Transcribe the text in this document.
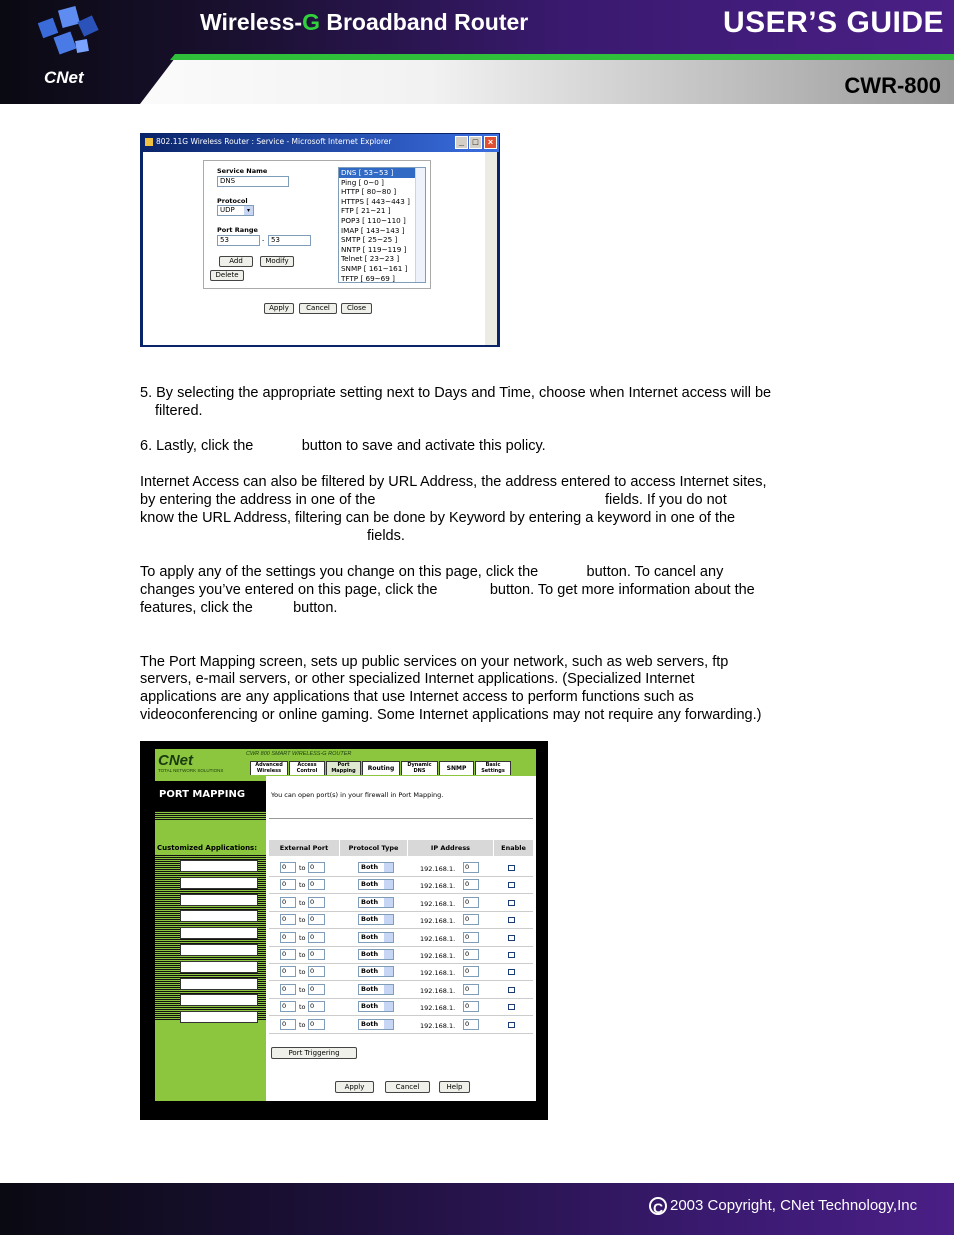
CNet
Wireless-G Broadband Router	USER’S GUIDE
CWR-800
802.11G Wireless Router : Service - Microsoft Internet Explorer	_ □	×
Service Name
DNS
Protocol
UDP	▾
Port Range
53	- 53
Add	Modify
Delete
DNS [ 53~53 ]
Ping [ 0~0 ]
HTTP [ 80~80 ]
HTTPS [ 443~443 ]
FTP [ 21~21 ]
POP3 [ 110~110 ]
IMAP [ 143~143 ]
SMTP [ 25~25 ]
NNTP [ 119~119 ]
Telnet [ 23~23 ]
SNMP [ 161~161 ]
TFTP [ 69~69 ]
Apply	Cancel	Close
5. By selecting the appropriate setting next to Days and Time, choose when Internet access will be
filtered.
6. Lastly, click the            button to save and activate this policy.
Internet Access can also be filtered by URL Address, the address entered to access Internet sites,
by entering the address in one of the                                                         fields. If you do not
know the URL Address, filtering can be done by Keyword by entering a keyword in one of the
fields.
To apply any of the settings you change on this page, click the            button. To cancel any
changes you’ve entered on this page, click the             button. To get more information about the
features, click the          button.
The Port Mapping screen, sets up public services on your network, such as web servers, ftp
servers, e-mail servers, or other specialized Internet applications. (Specialized Internet
applications are any applications that use Internet access to perform functions such as
videoconferencing or online gaming. Some Internet applications may not require any forwarding.)
CNet
TOTAL NETWORK SOLUTIONS
CWR 800 SMART WIRELESS-G ROUTER
Advanced
Wireless
Access
Control
Port
Mapping	Routing	Dynamic
DNS	SNMP	Basic
Settings
PORT MAPPING
Customized Applications:
You can open port(s) in your firewall in Port Mapping.
External Port	Protocol Type	IP Address	Enable
0	to 0	Both	192.168.1.	0
0	to 0	Both	192.168.1.	0
0	to 0	Both	192.168.1.	0
0	to 0	Both	192.168.1.	0
0	to 0	Both	192.168.1.	0
0	to 0	Both	192.168.1.	0
0	to 0	Both	192.168.1.	0
0	to 0	Both	192.168.1.	0
0	to 0	Both	192.168.1.	0
0	to 0	Both	192.168.1.	0
Port Triggering
Apply	Cancel	Help
C 2003 Copyright, CNet Technology,Inc
